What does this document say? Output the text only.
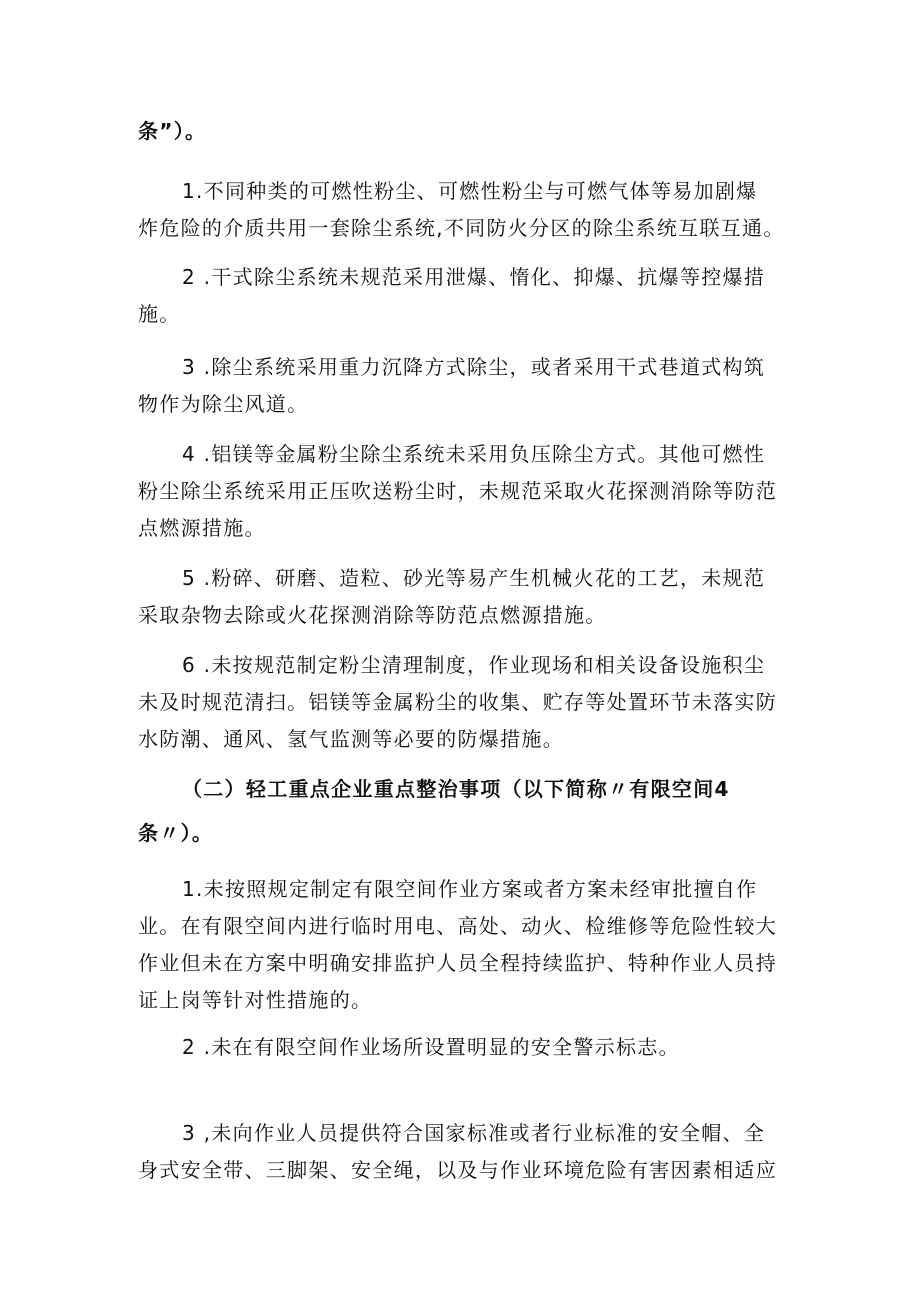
条”）。

1.不同种类的可燃性粉尘、可燃性粉尘与可燃气体等易加剧爆
炸危险的介质共用一套除尘系统,不同防火分区的除尘系统互联互通。

2 .干式除尘系统未规范采用泄爆、惰化、抑爆、抗爆等控爆措
施。

3 .除尘系统采用重力沉降方式除尘，或者采用干式巷道式构筑
物作为除尘风道。

4 .铝镁等金属粉尘除尘系统未采用负压除尘方式。其他可燃性
粉尘除尘系统采用正压吹送粉尘时，未规范采取火花探测消除等防范
点燃源措施。

5 .粉碎、研磨、造粒、砂光等易产生机械火花的工艺，未规范
采取杂物去除或火花探测消除等防范点燃源措施。

6 .未按规范制定粉尘清理制度，作业现场和相关设备设施积尘
未及时规范清扫。铝镁等金属粉尘的收集、贮存等处置环节未落实防
水防潮、通风、氢气监测等必要的防爆措施。

（二）轻工重点企业重点整治事项（以下简称〃有限空间4
条〃）。

1.未按照规定制定有限空间作业方案或者方案未经审批擅自作
业。在有限空间内进行临时用电、高处、动火、检维修等危险性较大
作业但未在方案中明确安排监护人员全程持续监护、特种作业人员持
证上岗等针对性措施的。

2 .未在有限空间作业场所设置明显的安全警示标志。

3 ,未向作业人员提供符合国家标准或者行业标准的安全帽、全
身式安全带、三脚架、安全绳，以及与作业环境危险有害因素相适应
